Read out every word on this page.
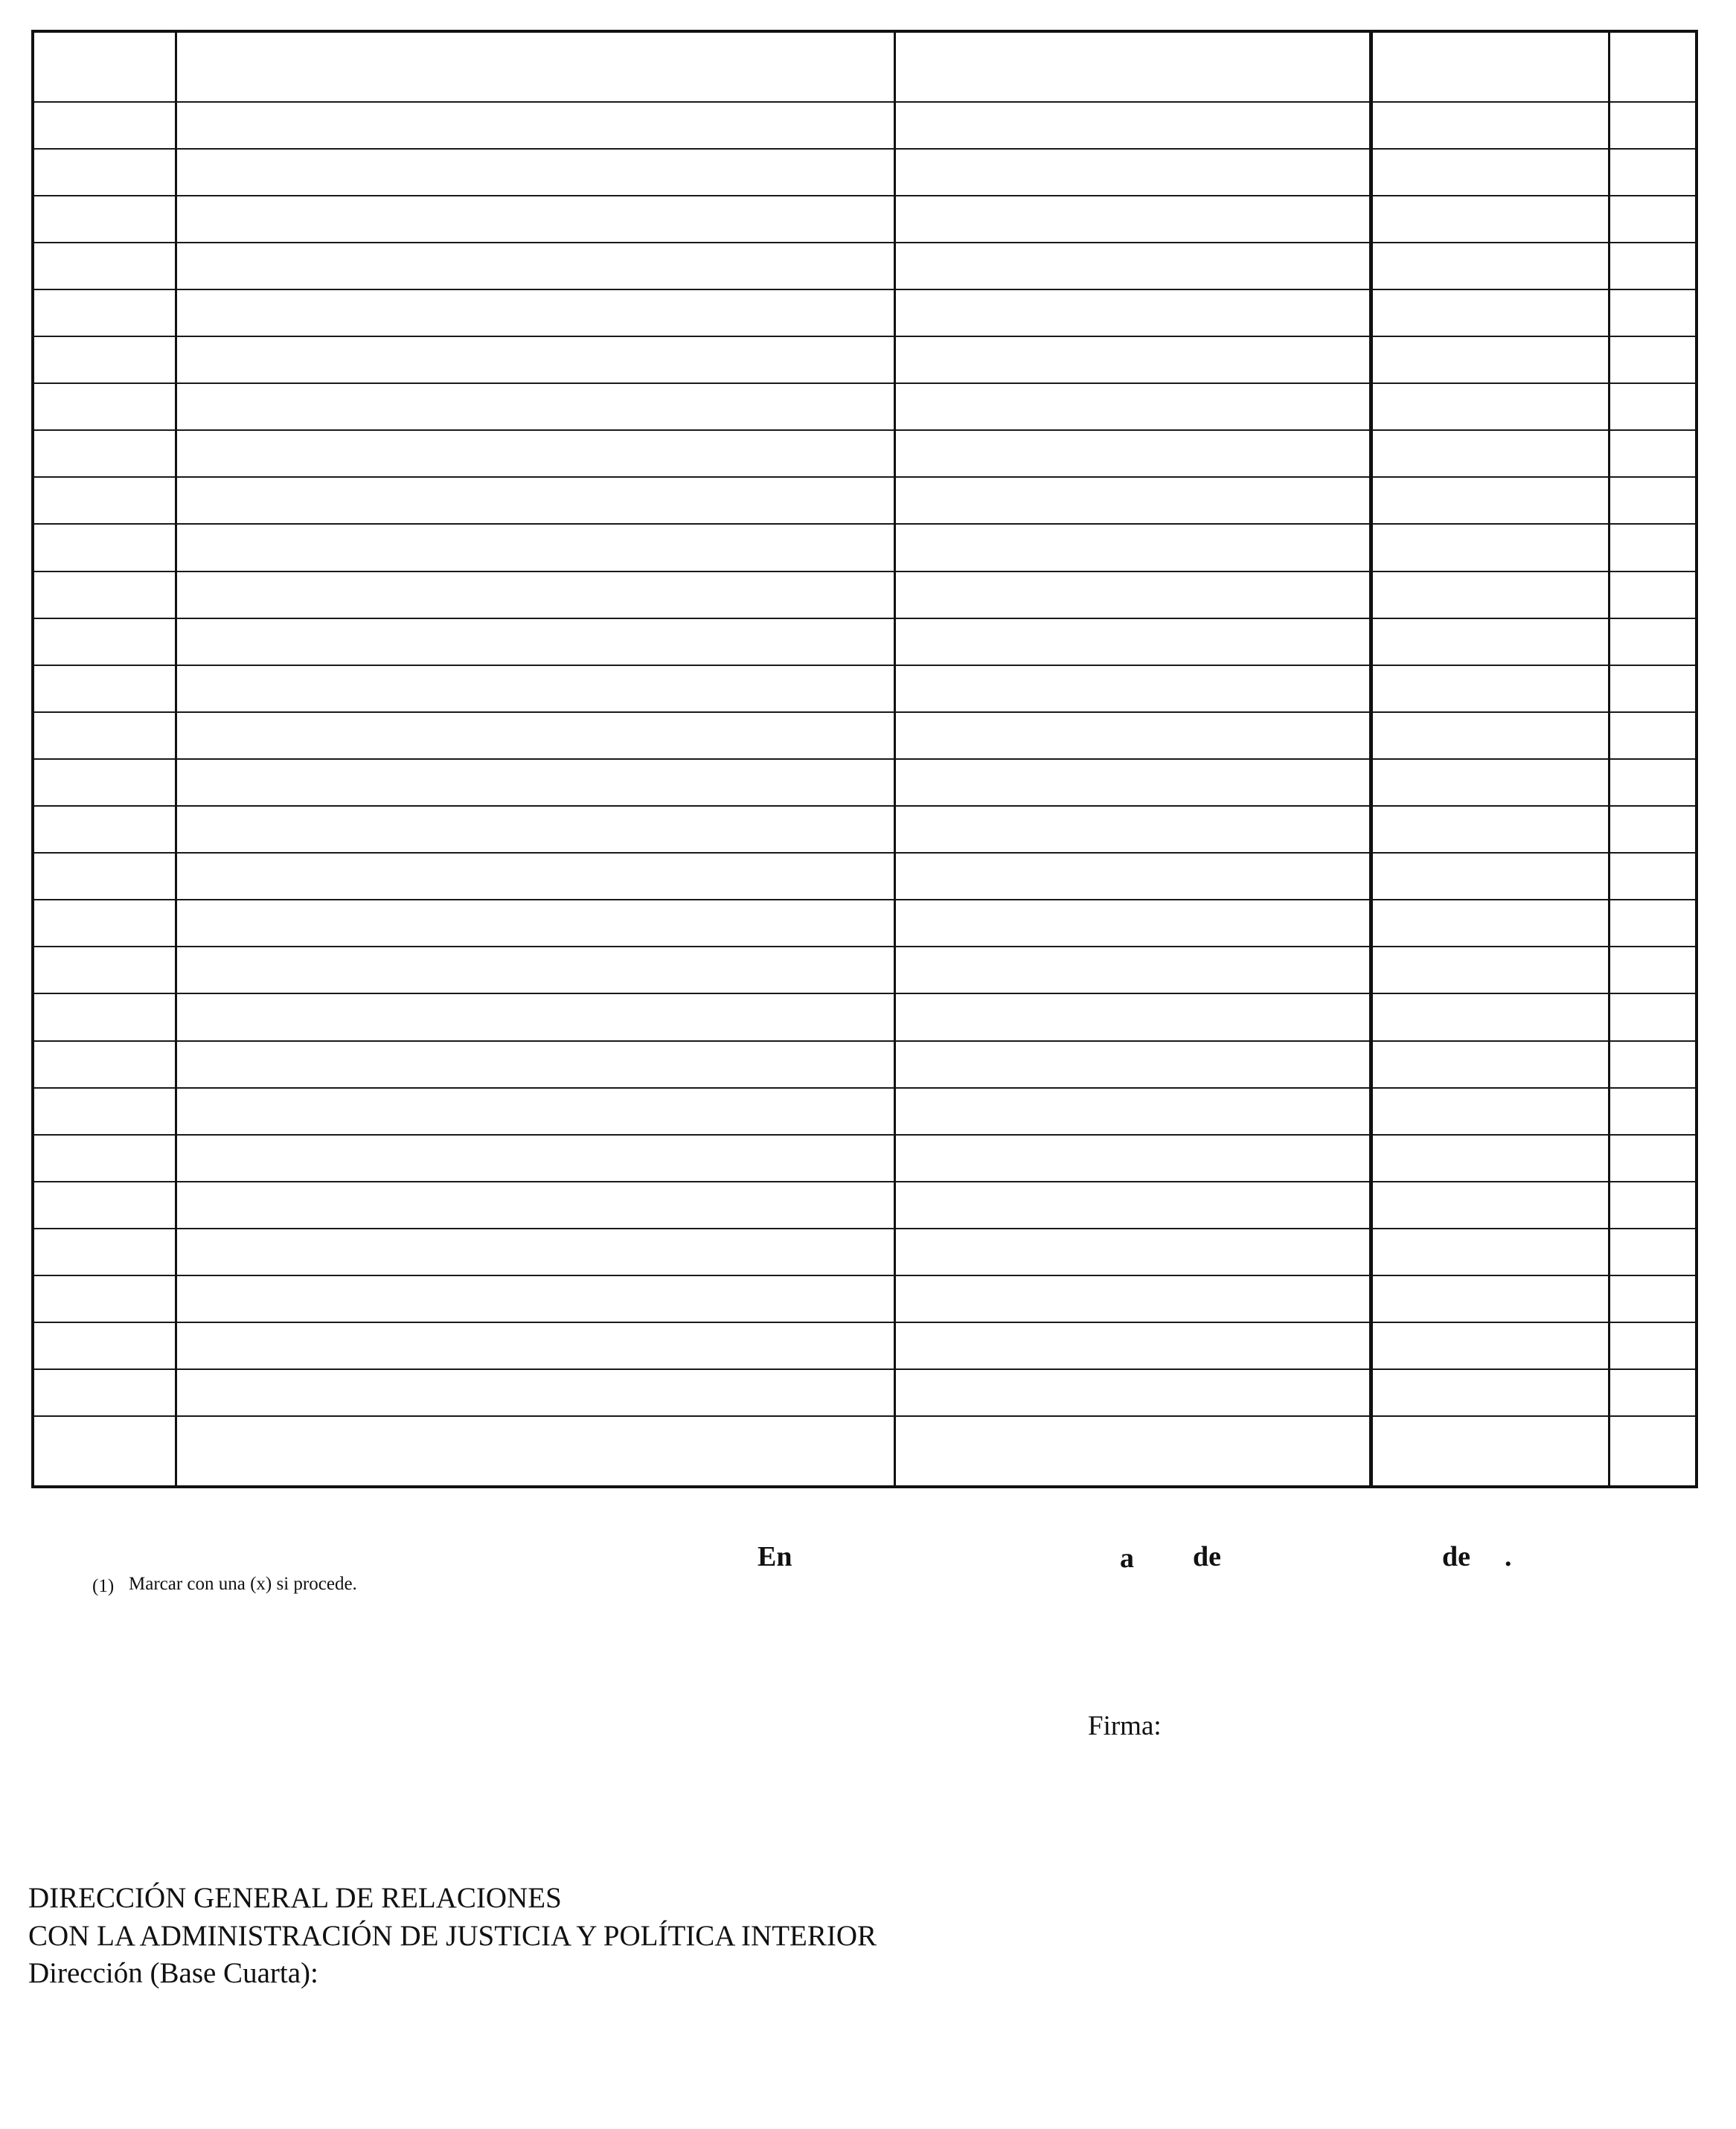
En	a de	de .
(1) Marcar con una (x) si procede.
Firma:
DIRECCIÓN GENERAL DE RELACIONES
CON LA ADMINISTRACIÓN DE JUSTICIA Y POLÍTICA INTERIOR
Dirección (Base Cuarta):
